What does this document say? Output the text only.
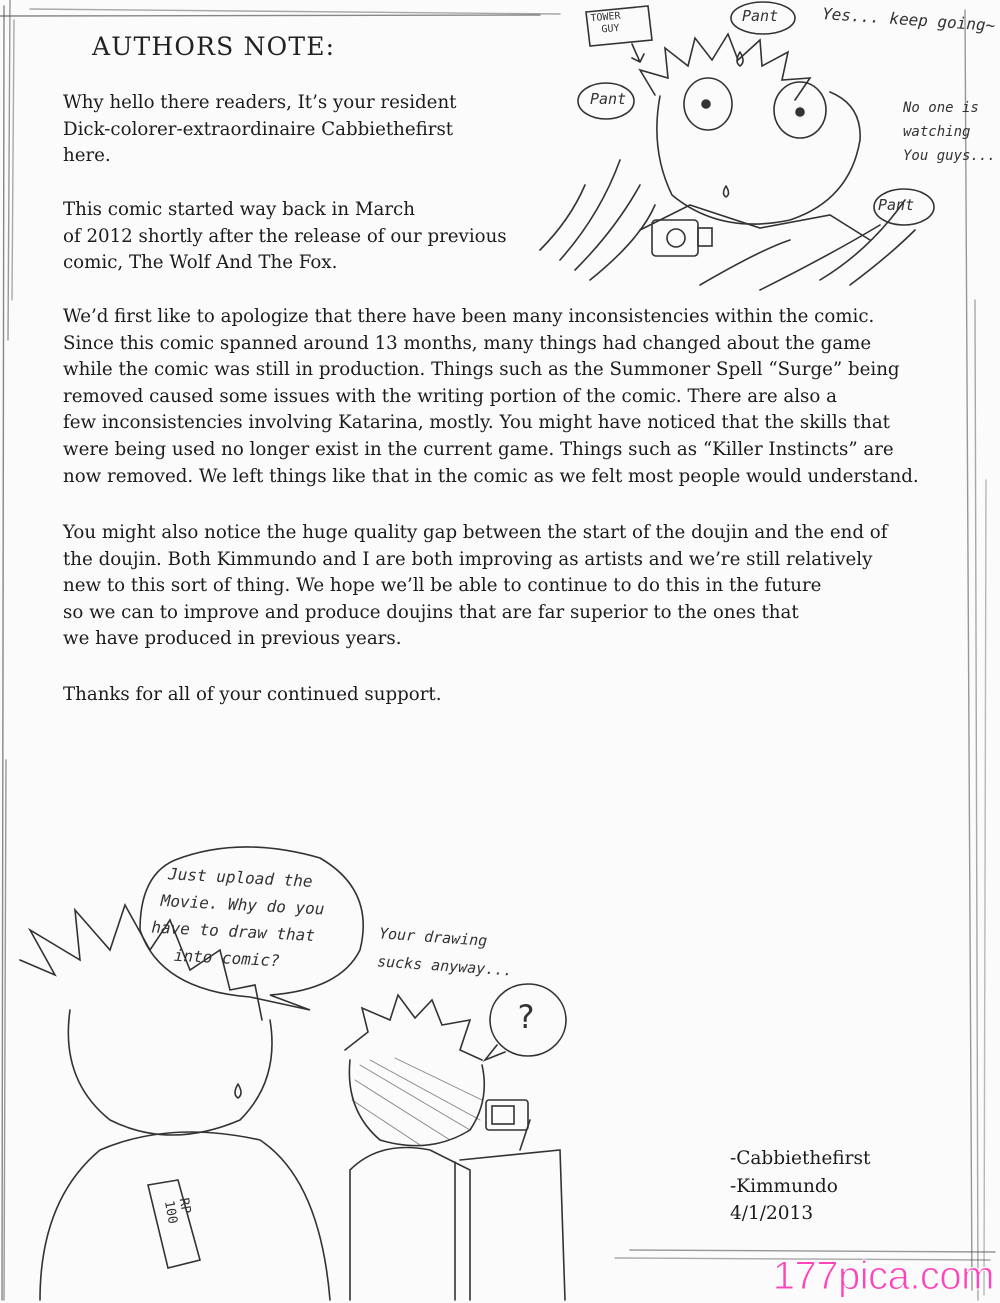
AUTHORS NOTE:

Why hello there readers, It’s your resident
Dick-colorer-extraordinaire Cabbiethefirst
here.

This comic started way back in March
of 2012 shortly after the release of our previous
comic, The Wolf And The Fox.

We’d first like to apologize that there have been many inconsistencies within the comic.
Since this comic spanned around 13 months, many things had changed about the game
while the comic was still in production. Things such as the Summoner Spell “Surge” being
removed caused some issues with the writing portion of the comic. There are also a
few inconsistencies involving Katarina, mostly. You might have noticed that the skills that
were being used no longer exist in the current game. Things such as “Killer Instincts” are
now removed. We left things like that in the comic as we felt most people would understand.

You might also notice the huge quality gap between the start of the doujin and the end of
the doujin. Both Kimmundo and I are both improving as artists and we’re still relatively
new to this sort of thing. We hope we’ll be able to continue to do this in the future
so we can to improve and produce doujins that are far superior to the ones that
we have produced in previous years.

Thanks for all of your continued support.

-Cabbiethefirst
-Kimmundo
4/1/2013

TOWER
GUY

Pant

Pant

Pant

Yes... keep going~

No one is
watching
You guys...

Just upload the
Movie. Why do you
have to draw that
into comic?

Your drawing
sucks anyway...

?

RP
100

177pica.com
